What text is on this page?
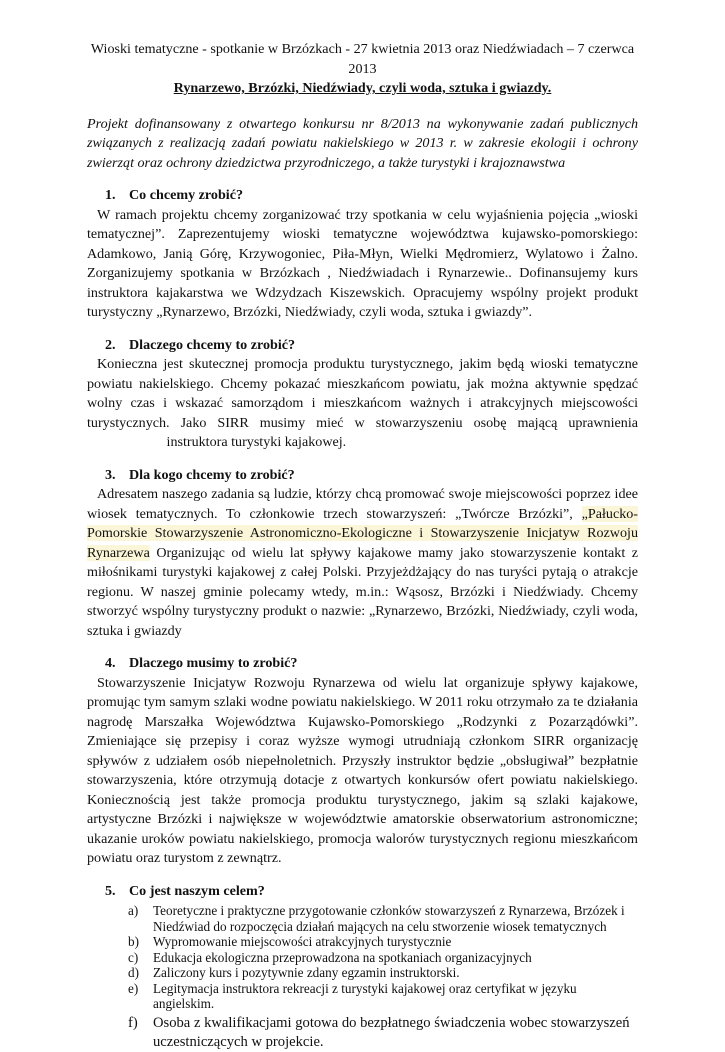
Wioski tematyczne - spotkanie w Brzózkach - 27 kwietnia 2013 oraz Niedźwiadach – 7 czerwca 2013

Rynarzewo, Brzózki, Niedźwiady, czyli woda, sztuka i gwiazdy.

Projekt dofinansowany z otwartego konkursu nr 8/2013 na wykonywanie zadań publicznych związanych z realizacją zadań powiatu nakielskiego w 2013 r. w zakresie ekologii i ochrony zwierząt oraz ochrony dziedzictwa przyrodniczego, a także turystyki i krajoznawstwa

1. Co chcemy zrobić?

W ramach projektu chcemy zorganizować trzy spotkania w celu wyjaśnienia pojęcia „wioski tematycznej”. Zaprezentujemy wioski tematyczne województwa kujawsko-pomorskiego: Adamkowo, Janią Górę, Krzywogoniec, Piła-Młyn, Wielki Mędromierz, Wylatowo i Żalno. Zorganizujemy spotkania w Brzózkach , Niedźwiadach i Rynarzewie.. Dofinansujemy kurs instruktora kajakarstwa we Wdzydzach Kiszewskich. Opracujemy wspólny projekt produkt turystyczny „Rynarzewo, Brzózki, Niedźwiady, czyli woda, sztuka i gwiazdy”.

2. Dlaczego chcemy to zrobić?

Konieczna jest skutecznej promocja produktu turystycznego, jakim będą wioski tematyczne powiatu nakielskiego. Chcemy pokazać mieszkańcom powiatu, jak można aktywnie spędzać wolny czas i wskazać samorządom i mieszkańcom ważnych i atrakcyjnych miejscowości turystycznych. Jako SIRR musimy mieć w stowarzyszeniu osobę mającą uprawnienia instruktora turystyki kajakowej.

3. Dla kogo chcemy to zrobić?

Adresatem naszego zadania są ludzie, którzy chcą promować swoje miejscowości poprzez idee wiosek tematycznych. To członkowie trzech stowarzyszeń: „Twórcze Brzózki”, „Pałucko-Pomorskie Stowarzyszenie Astronomiczno-Ekologiczne i Stowarzyszenie Inicjatyw Rozwoju Rynarzewa Organizując od wielu lat spływy kajakowe mamy jako stowarzyszenie kontakt z miłośnikami turystyki kajakowej z całej Polski. Przyjeżdżający do nas turyści pytają o atrakcje regionu. W naszej gminie polecamy wtedy, m.in.: Wąsosz, Brzózki i Niedźwiady. Chcemy stworzyć wspólny turystyczny produkt o nazwie: „Rynarzewo, Brzózki, Niedźwiady, czyli woda, sztuka i gwiazdy

4. Dlaczego musimy to zrobić?

Stowarzyszenie Inicjatyw Rozwoju Rynarzewa od wielu lat organizuje spływy kajakowe, promując tym samym szlaki wodne powiatu nakielskiego. W 2011 roku otrzymało za te działania nagrodę Marszałka Województwa Kujawsko-Pomorskiego „Rodzynki z Pozarządówki”. Zmieniające się przepisy i coraz wyższe wymogi utrudniają członkom SIRR organizację spływów z udziałem osób niepełnoletnich. Przyszły instruktor będzie „obsługiwał” bezpłatnie stowarzyszenia, które otrzymują dotacje z otwartych konkursów ofert powiatu nakielskiego. Koniecznością jest także promocja produktu turystycznego, jakim są szlaki kajakowe, artystyczne Brzózki i największe w województwie amatorskie obserwatorium astronomiczne; ukazanie uroków powiatu nakielskiego, promocja walorów turystycznych regionu mieszkańcom powiatu oraz turystom z zewnątrz.

5. Co jest naszym celem?

a)	Teoretyczne i praktyczne przygotowanie członków stowarzyszeń z Rynarzewa, Brzózek i Niedźwiad do rozpoczęcia działań mających na celu stworzenie wiosek tematycznych
b)	Wypromowanie miejscowości atrakcyjnych turystycznie
c)	Edukacja ekologiczna przeprowadzona na spotkaniach organizacyjnych
d)	Zaliczony kurs i pozytywnie zdany egzamin instruktorski.
e)	Legitymacja instruktora rekreacji z turystyki kajakowej oraz certyfikat w języku angielskim.
f)	Osoba z kwalifikacjami gotowa do bezpłatnego świadczenia wobec stowarzyszeń uczestniczących w projekcie.
